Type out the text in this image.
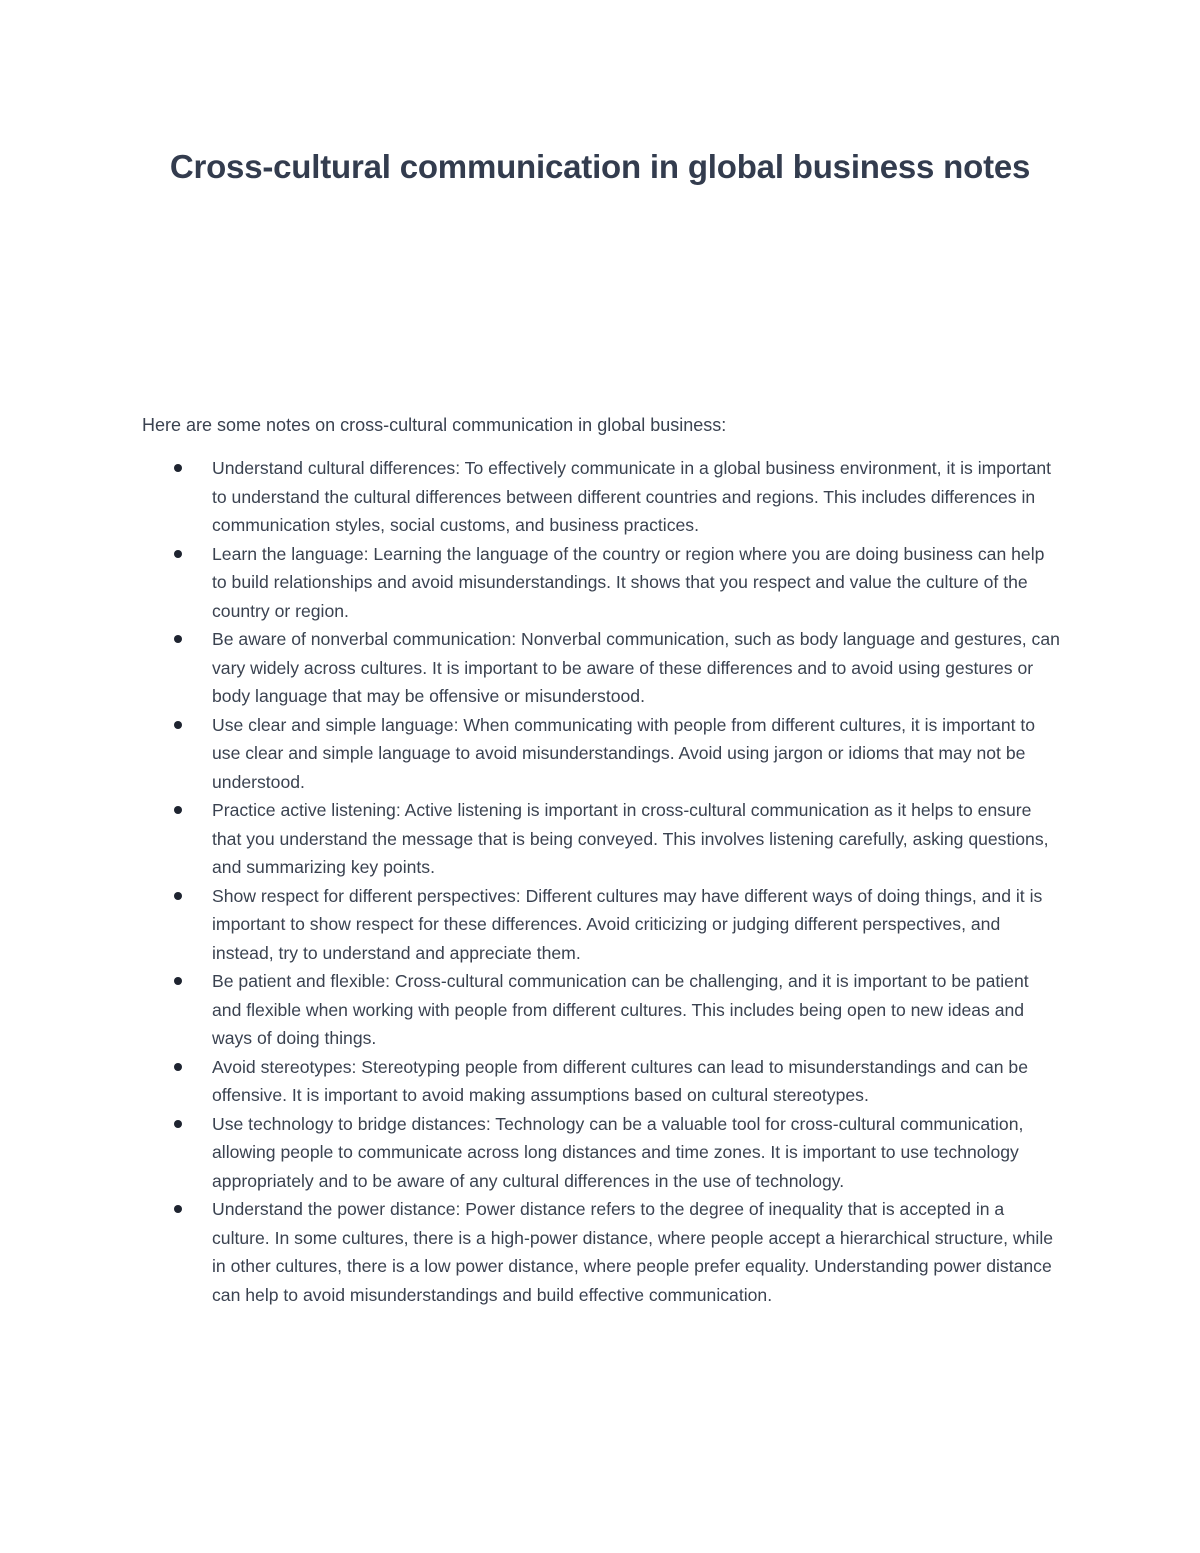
Cross-cultural communication in global business notes

Here are some notes on cross-cultural communication in global business:

Understand cultural differences: To effectively communicate in a global business environment, it is important to understand the cultural differences between different countries and regions. This includes differences in communication styles, social customs, and business practices.
Learn the language: Learning the language of the country or region where you are doing business can help to build relationships and avoid misunderstandings. It shows that you respect and value the culture of the country or region.
Be aware of nonverbal communication: Nonverbal communication, such as body language and gestures, can vary widely across cultures. It is important to be aware of these differences and to avoid using gestures or body language that may be offensive or misunderstood.
Use clear and simple language: When communicating with people from different cultures, it is important to use clear and simple language to avoid misunderstandings. Avoid using jargon or idioms that may not be understood.
Practice active listening: Active listening is important in cross-cultural communication as it helps to ensure that you understand the message that is being conveyed. This involves listening carefully, asking questions, and summarizing key points.
Show respect for different perspectives: Different cultures may have different ways of doing things, and it is important to show respect for these differences. Avoid criticizing or judging different perspectives, and instead, try to understand and appreciate them.
Be patient and flexible: Cross-cultural communication can be challenging, and it is important to be patient and flexible when working with people from different cultures. This includes being open to new ideas and ways of doing things.
Avoid stereotypes: Stereotyping people from different cultures can lead to misunderstandings and can be offensive. It is important to avoid making assumptions based on cultural stereotypes.
Use technology to bridge distances: Technology can be a valuable tool for cross-cultural communication, allowing people to communicate across long distances and time zones. It is important to use technology appropriately and to be aware of any cultural differences in the use of technology.
Understand the power distance: Power distance refers to the degree of inequality that is accepted in a culture. In some cultures, there is a high-power distance, where people accept a hierarchical structure, while in other cultures, there is a low power distance, where people prefer equality. Understanding power distance can help to avoid misunderstandings and build effective communication.
